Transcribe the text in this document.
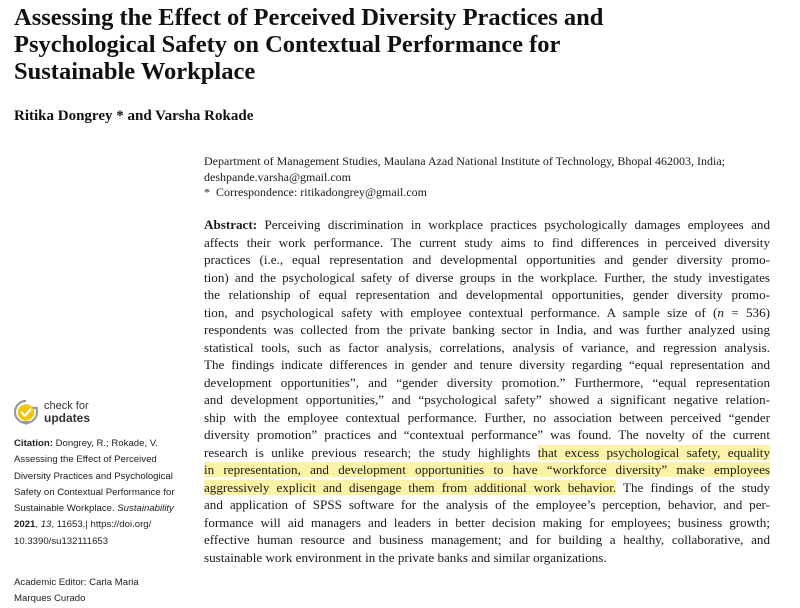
Assessing the Effect of Perceived Diversity Practices and
Psychological Safety on Contextual Performance for
Sustainable Workplace
Ritika Dongrey * and Varsha Rokade
Department of Management Studies, Maulana Azad National Institute of Technology, Bhopal 462003, India;
deshpande.varsha@gmail.com
* Correspondence: ritikadongrey@gmail.com
Abstract: Perceiving discrimination in workplace practices psychologically damages employees and
affects their work performance. The current study aims to find differences in perceived diversity
practices (i.e., equal representation and developmental opportunities and gender diversity promo-
tion) and the psychological safety of diverse groups in the workplace. Further, the study investigates
the relationship of equal representation and developmental opportunities, gender diversity promo-
tion, and psychological safety with employee contextual performance. A sample size of (n = 536)
respondents was collected from the private banking sector in India, and was further analyzed using
statistical tools, such as factor analysis, correlations, analysis of variance, and regression analysis.
The findings indicate differences in gender and tenure diversity regarding “equal representation and
development opportunities”, and “gender diversity promotion.” Furthermore, “equal representation
and development opportunities,” and “psychological safety” showed a significant negative relation-
ship with the employee contextual performance. Further, no association between perceived “gender
diversity promotion” practices and “contextual performance” was found. The novelty of the current
research is unlike previous research; the study highlights that excess psychological safety, equality
in representation, and development opportunities to have “workforce diversity” make employees
aggressively explicit and disengage them from additional work behavior. The findings of the study
and application of SPSS software for the analysis of the employee’s perception, behavior, and per-
formance will aid managers and leaders in better decision making for employees; business growth;
effective human resource and business management; and for building a healthy, collaborative, and
sustainable work environment in the private banks and similar organizations.
check for
updates
Citation: Dongrey, R.; Rokade, V.
Assessing the Effect of Perceived
Diversity Practices and Psychological
Safety on Contextual Performance for
Sustainable Workplace. Sustainability
2021, 13, 11653.| https://doi.org/
10.3390/su132111653
Academic Editor: Carla Maria
Marques Curado
